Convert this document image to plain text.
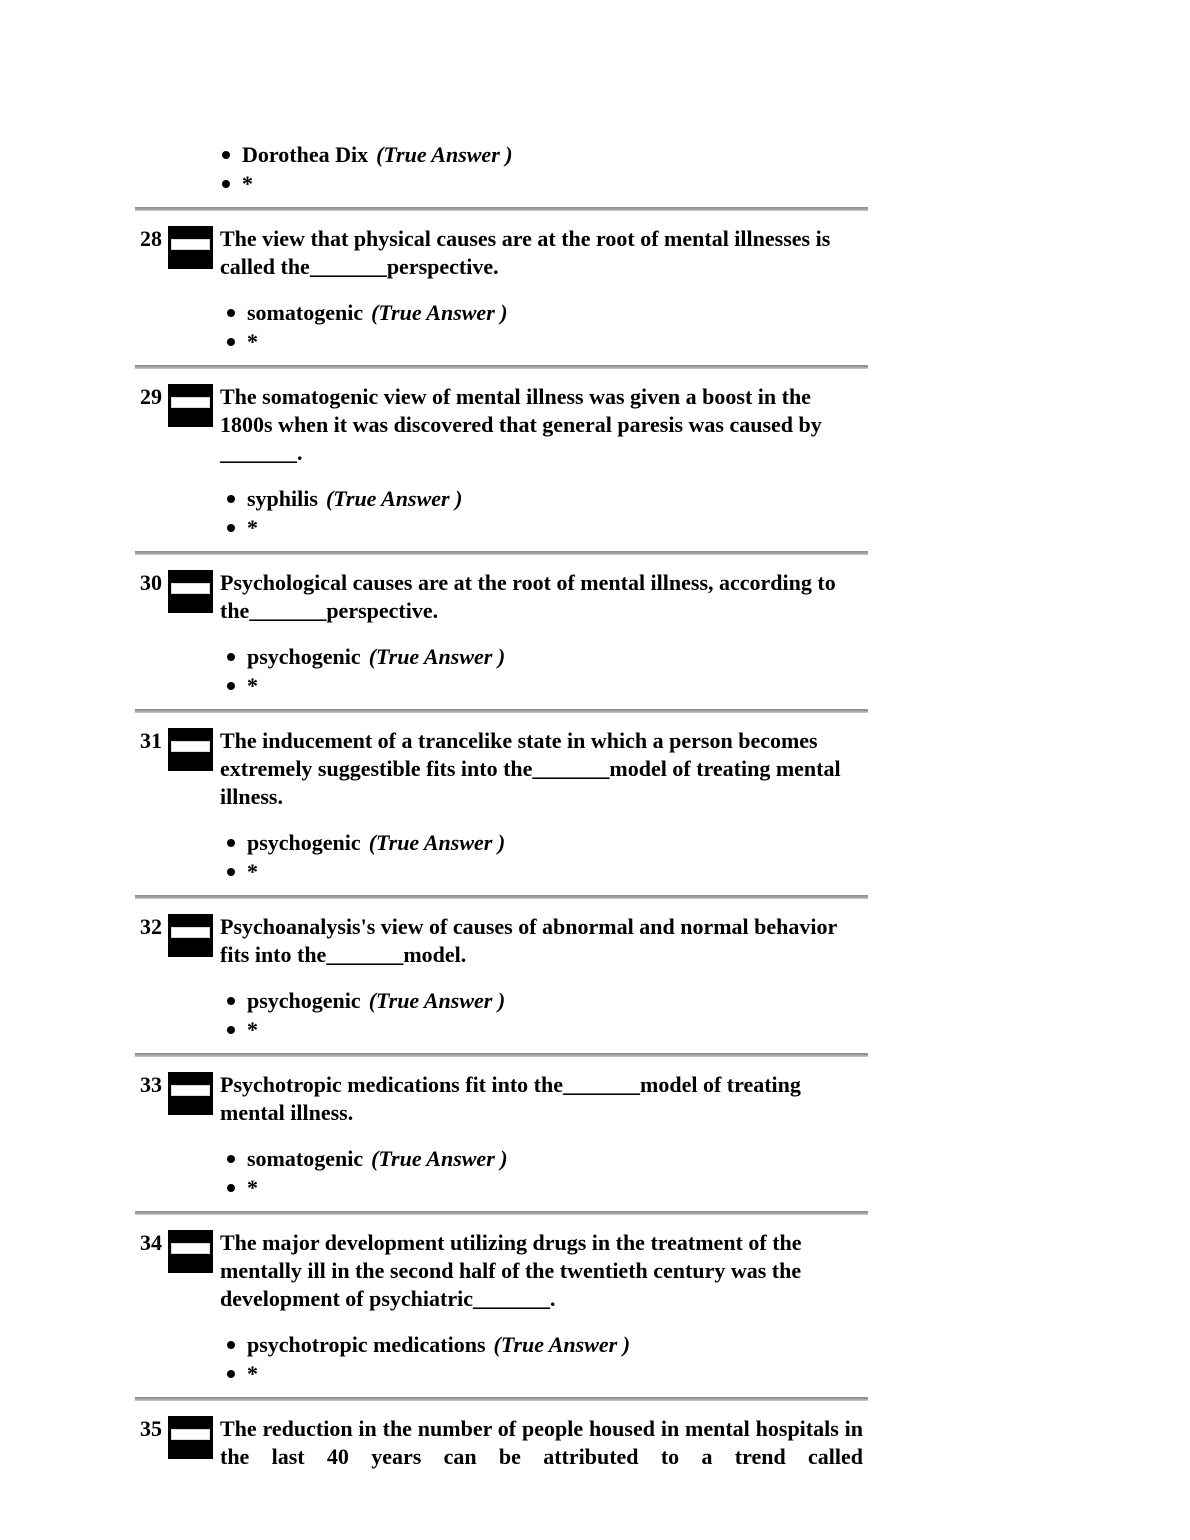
Dorothea Dix (True Answer )
*
28	The view that physical causes are at the root of mental illnesses is called the_______perspective.
somatogenic (True Answer )
*
29	The somatogenic view of mental illness was given a boost in the 1800s when it was discovered that general paresis was caused by _______.
syphilis (True Answer )
*
30	Psychological causes are at the root of mental illness, according to the_______perspective.
psychogenic (True Answer )
*
31	The inducement of a trancelike state in which a person becomes extremely suggestible fits into the_______model of treating mental illness.
psychogenic (True Answer )
*
32	Psychoanalysis's view of causes of abnormal and normal behavior fits into the_______model.
psychogenic (True Answer )
*
33	Psychotropic medications fit into the_______model of treating mental illness.
somatogenic (True Answer )
*
34	The major development utilizing drugs in the treatment of the mentally ill in the second half of the twentieth century was the development of psychiatric_______.
psychotropic medications (True Answer )
*
35	The reduction in the number of people housed in mental hospitals in the last 40 years can be attributed to a trend called
